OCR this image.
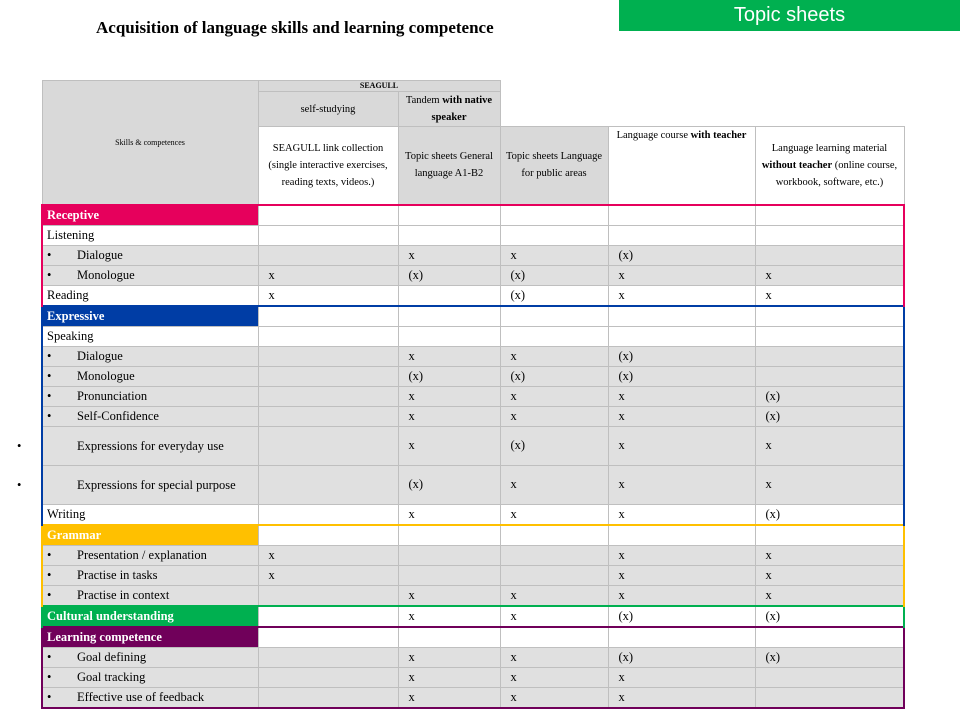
Acquisition of language skills and learning competence
Topic sheets
Skills & competences	SEAGULL				
	self-studying	Tandem with native speaker			
	SEAGULL link collection (single interactive exercises, reading texts, videos.)	Topic sheets General language A1-B2	Topic sheets Language for public areas	Language course with teacher	Language learning material without teacher (online course, workbook, software, etc.)
Receptive					
Listening					
• Dialogue		x	x	(x)	
• Monologue	x	(x)	(x)	x	x
Reading	x		(x)	x	x
Expressive					
Speaking					
• Dialogue		x	x	(x)	
• Monologue		(x)	(x)	(x)	
• Pronunciation		x	x	x	(x)
• Self-Confidence		x	x	x	(x)
• Expressions for everyday use		x	(x)	x	x
• Expressions for special purpose		(x)	x	x	x
Writing		x	x	x	(x)
Grammar					
• Presentation / explanation	x			x	x
• Practise in tasks	x			x	x
• Practise in context		x	x	x	x
Cultural understanding		x	x	(x)	(x)
Learning competence					
• Goal defining		x	x	(x)	(x)
• Goal tracking		x	x	x	
• Effective use of feedback		x	x	x	
